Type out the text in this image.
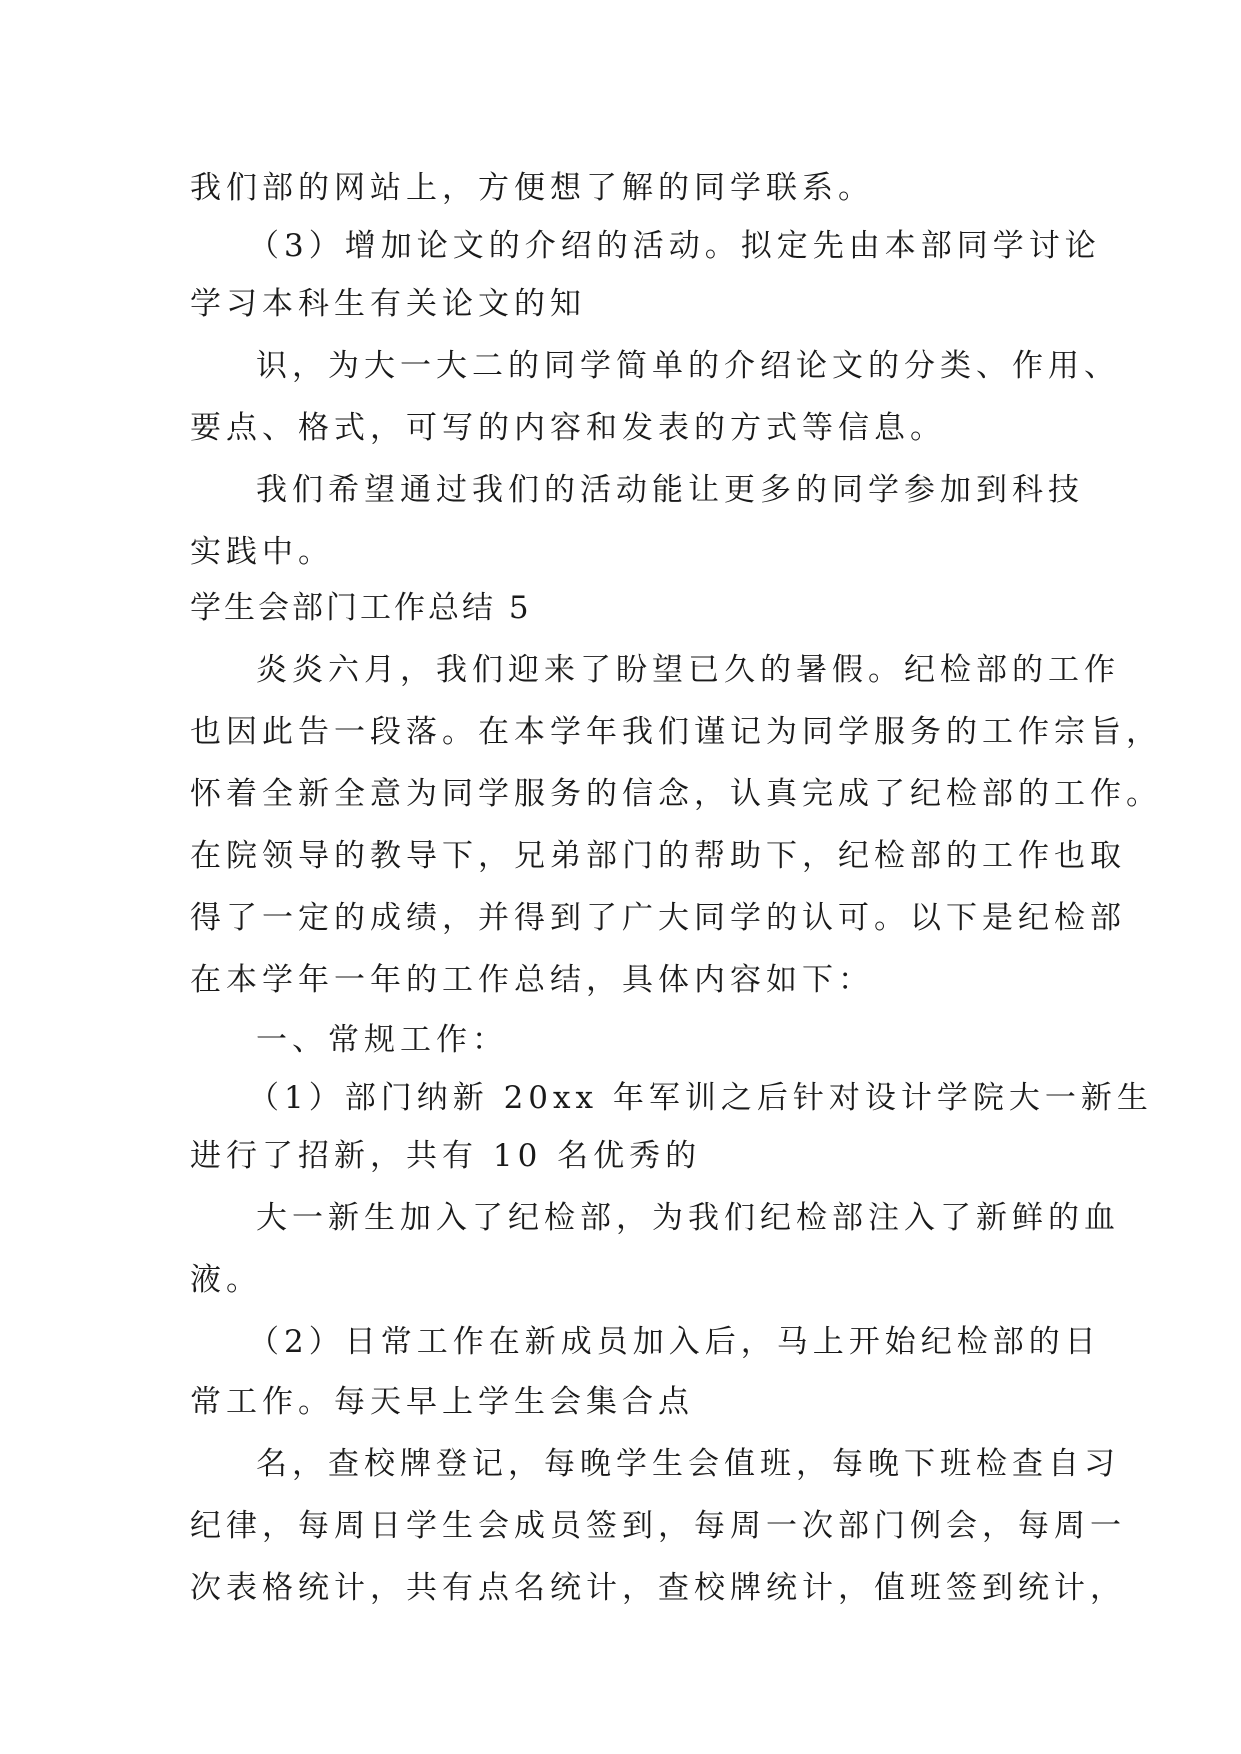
我们部的网站上，方便想了解的同学联系。
（3）增加论文的介绍的活动。拟定先由本部同学讨论
学习本科生有关论文的知
识，为大一大二的同学简单的介绍论文的分类、作用、
要点、格式，可写的内容和发表的方式等信息。
我们希望通过我们的活动能让更多的同学参加到科技
实践中。
学生会部门工作总结 5
炎炎六月，我们迎来了盼望已久的暑假。纪检部的工作
也因此告一段落。在本学年我们谨记为同学服务的工作宗旨，
怀着全新全意为同学服务的信念，认真完成了纪检部的工作。
在院领导的教导下，兄弟部门的帮助下，纪检部的工作也取
得了一定的成绩，并得到了广大同学的认可。以下是纪检部
在本学年一年的工作总结，具体内容如下：
一、常规工作：
（1）部门纳新 20xx 年军训之后针对设计学院大一新生
进行了招新，共有 10 名优秀的
大一新生加入了纪检部，为我们纪检部注入了新鲜的血
液。
（2）日常工作在新成员加入后，马上开始纪检部的日
常工作。每天早上学生会集合点
名，查校牌登记，每晚学生会值班，每晚下班检查自习
纪律，每周日学生会成员签到，每周一次部门例会，每周一
次表格统计，共有点名统计，查校牌统计，值班签到统计，
